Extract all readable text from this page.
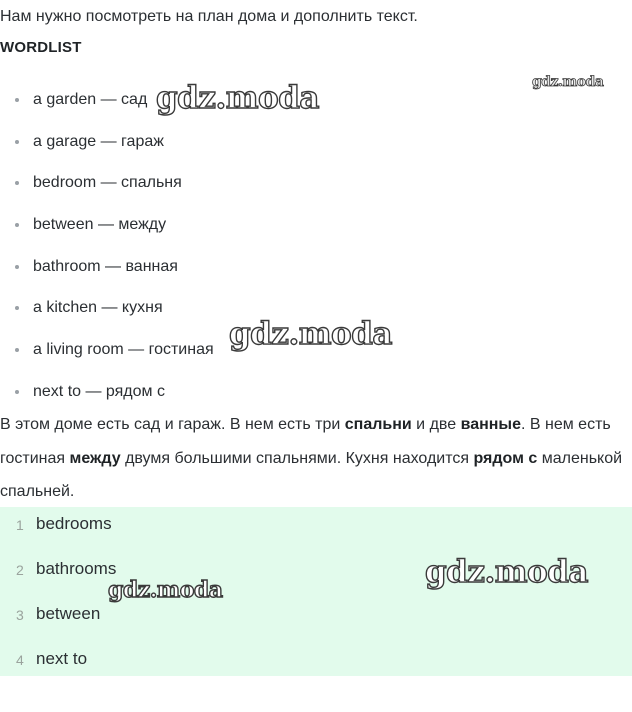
Нам нужно посмотреть на план дома и дополнить текст.
WORDLIST
a garden — сад
a garage — гараж
bedroom — спальня
between — между
bathroom — ванная
a kitchen — кухня
a living room — гостиная
next to — рядом с
В этом доме есть сад и гараж. В нем есть три спальни и две ванные. В нем есть гостиная между двумя большими спальнями. Кухня находится рядом с маленькой спальней.
1 bedrooms
2 bathrooms
3 between
4 next to
gdz.moda
gdz.moda
gdz.moda
gdz.moda
gdz.moda
